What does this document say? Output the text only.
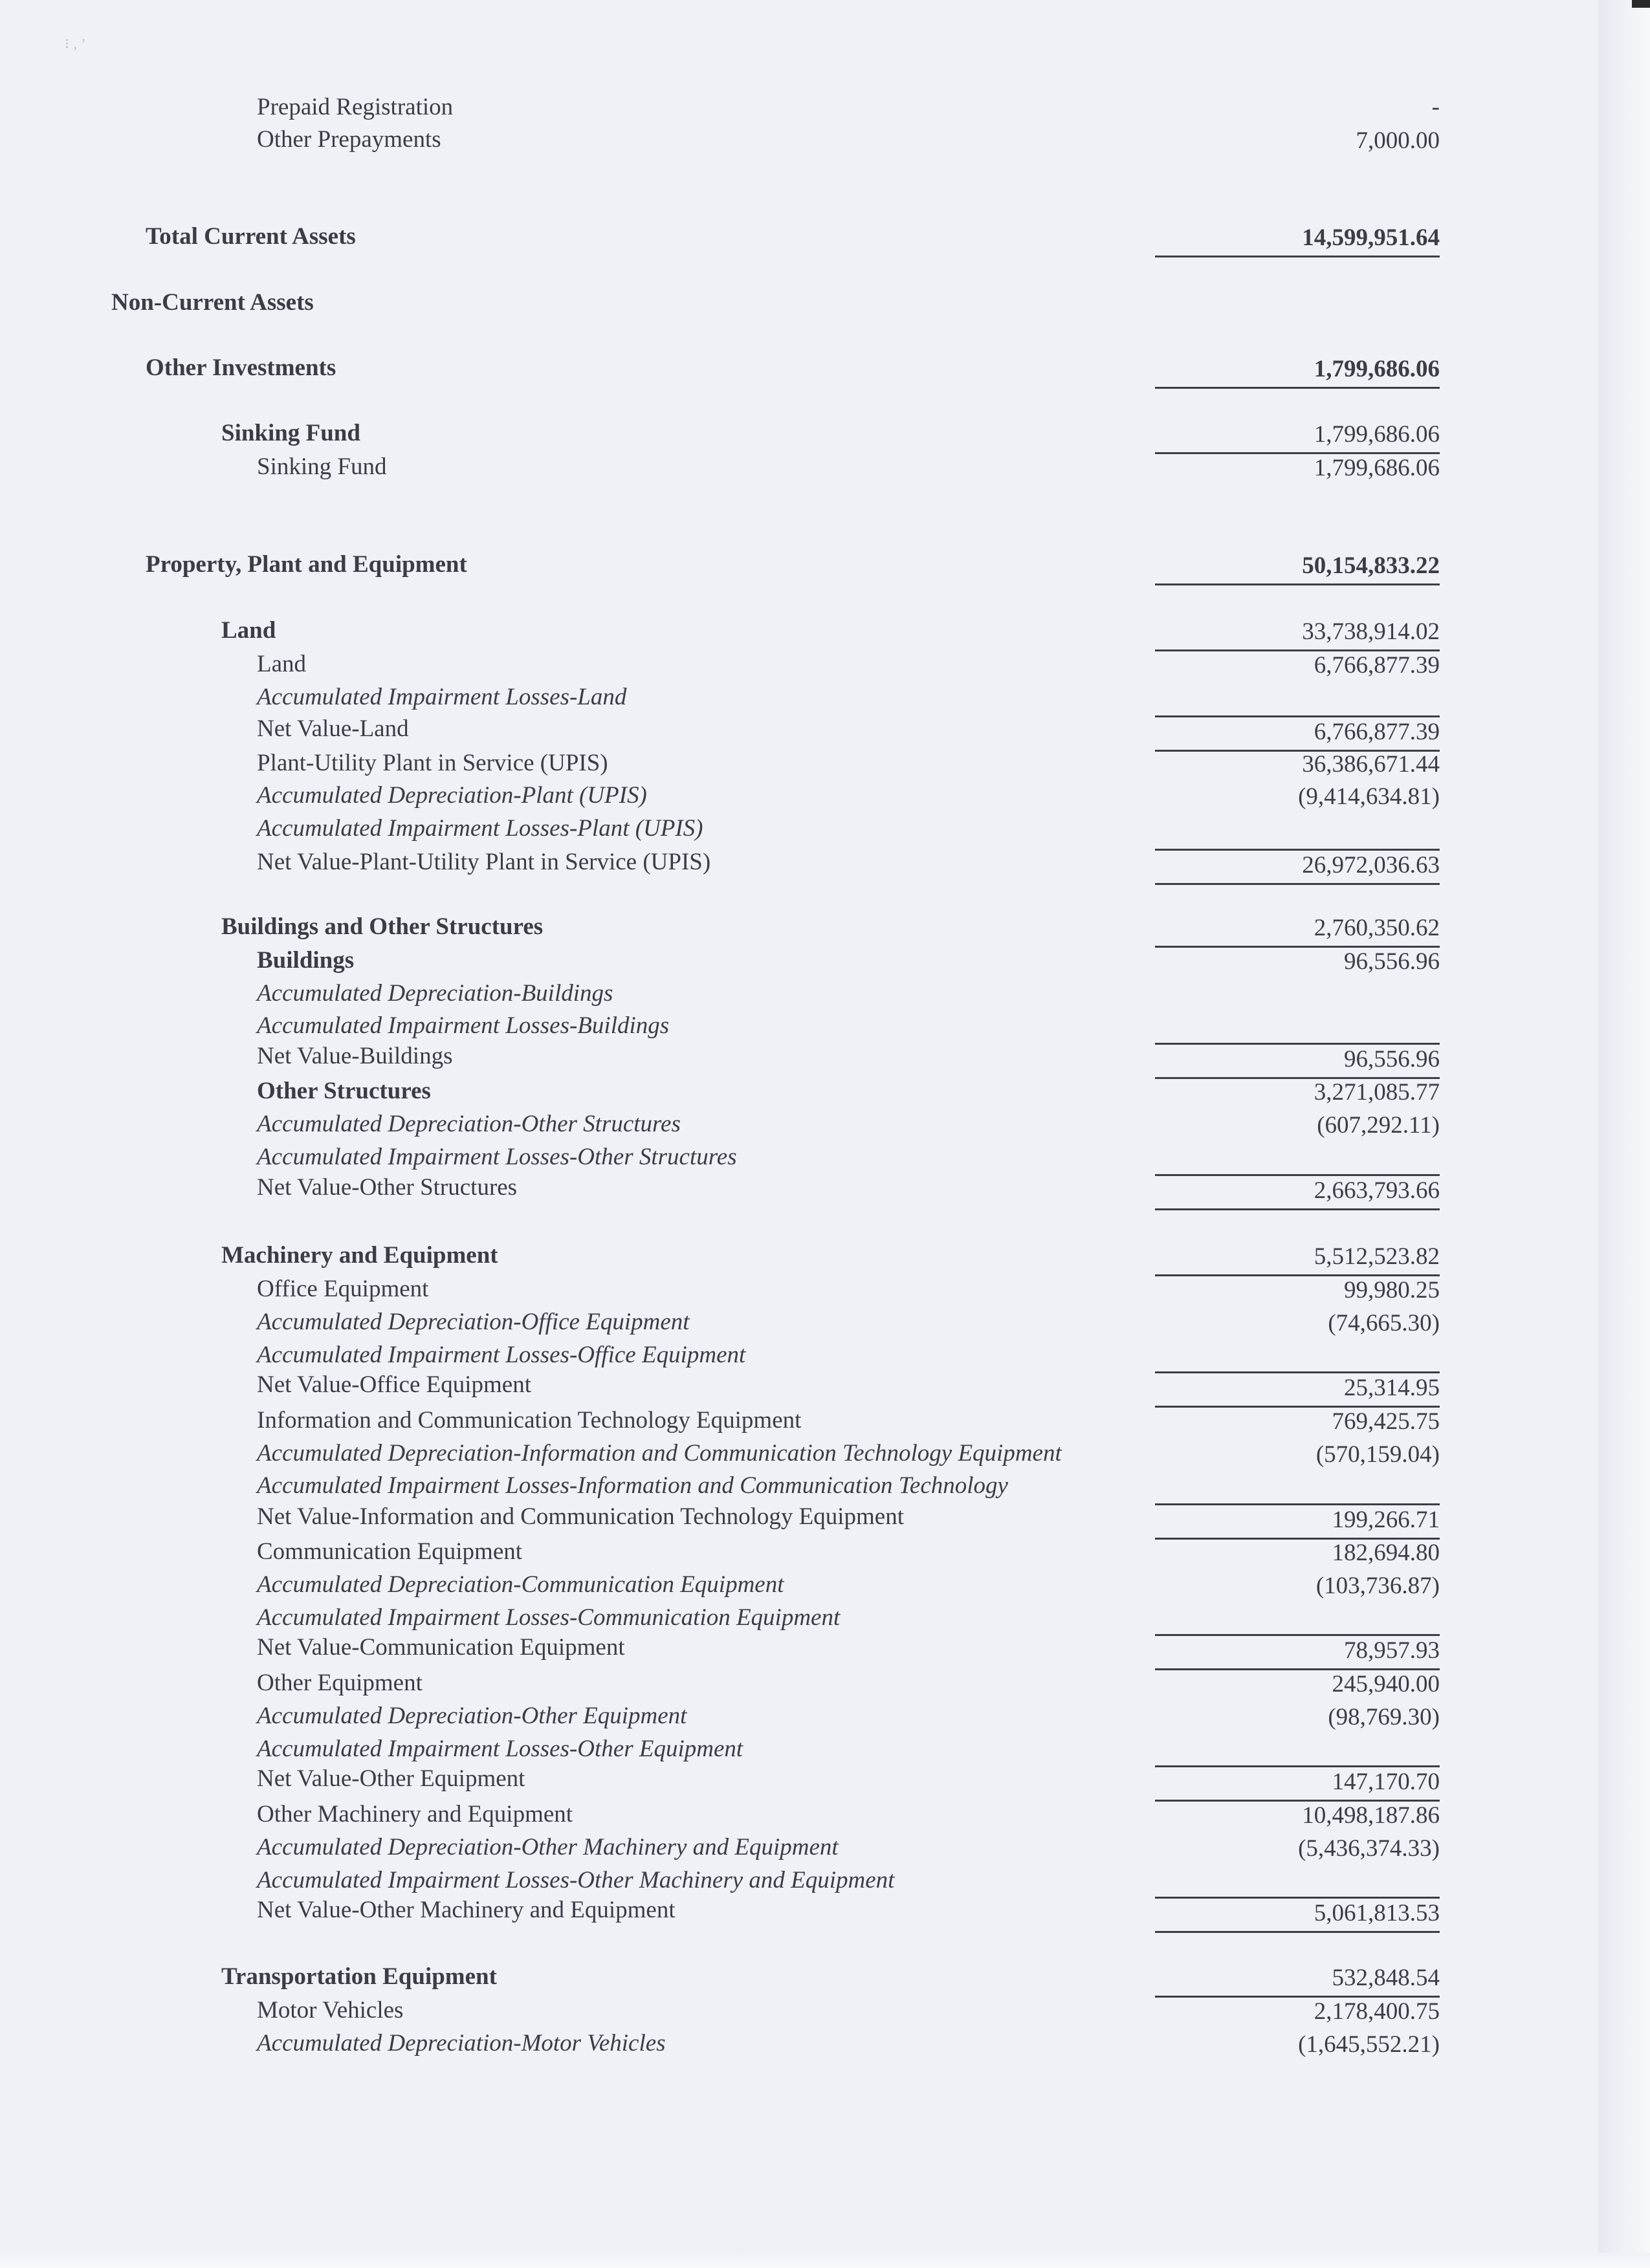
⁝ ‚ ’
Prepaid Registration	-
Other Prepayments	7,000.00
Total Current Assets	14,599,951.64
Non-Current Assets
Other Investments	1,799,686.06
Sinking Fund	1,799,686.06
Sinking Fund	1,799,686.06
Property, Plant and Equipment	50,154,833.22
Land	33,738,914.02
Land	6,766,877.39
Accumulated Impairment Losses-Land
Net Value-Land	6,766,877.39
Plant-Utility Plant in Service (UPIS)	36,386,671.44
Accumulated Depreciation-Plant (UPIS)	(9,414,634.81)
Accumulated Impairment Losses-Plant (UPIS)
Net Value-Plant-Utility Plant in Service (UPIS)	26,972,036.63
Buildings and Other Structures	2,760,350.62
Buildings	96,556.96
Accumulated Depreciation-Buildings
Accumulated Impairment Losses-Buildings
Net Value-Buildings	96,556.96
Other Structures	3,271,085.77
Accumulated Depreciation-Other Structures	(607,292.11)
Accumulated Impairment Losses-Other Structures
Net Value-Other Structures	2,663,793.66
Machinery and Equipment	5,512,523.82
Office Equipment	99,980.25
Accumulated Depreciation-Office Equipment	(74,665.30)
Accumulated Impairment Losses-Office Equipment
Net Value-Office Equipment	25,314.95
Information and Communication Technology Equipment	769,425.75
Accumulated Depreciation-Information and Communication Technology Equipment	(570,159.04)
Accumulated Impairment Losses-Information and Communication Technology
Net Value-Information and Communication Technology Equipment	199,266.71
Communication Equipment	182,694.80
Accumulated Depreciation-Communication Equipment	(103,736.87)
Accumulated Impairment Losses-Communication Equipment
Net Value-Communication Equipment	78,957.93
Other Equipment	245,940.00
Accumulated Depreciation-Other Equipment	(98,769.30)
Accumulated Impairment Losses-Other Equipment
Net Value-Other Equipment	147,170.70
Other Machinery and Equipment	10,498,187.86
Accumulated Depreciation-Other Machinery and Equipment	(5,436,374.33)
Accumulated Impairment Losses-Other Machinery and Equipment
Net Value-Other Machinery and Equipment	5,061,813.53
Transportation Equipment	532,848.54
Motor Vehicles	2,178,400.75
Accumulated Depreciation-Motor Vehicles	(1,645,552.21)
